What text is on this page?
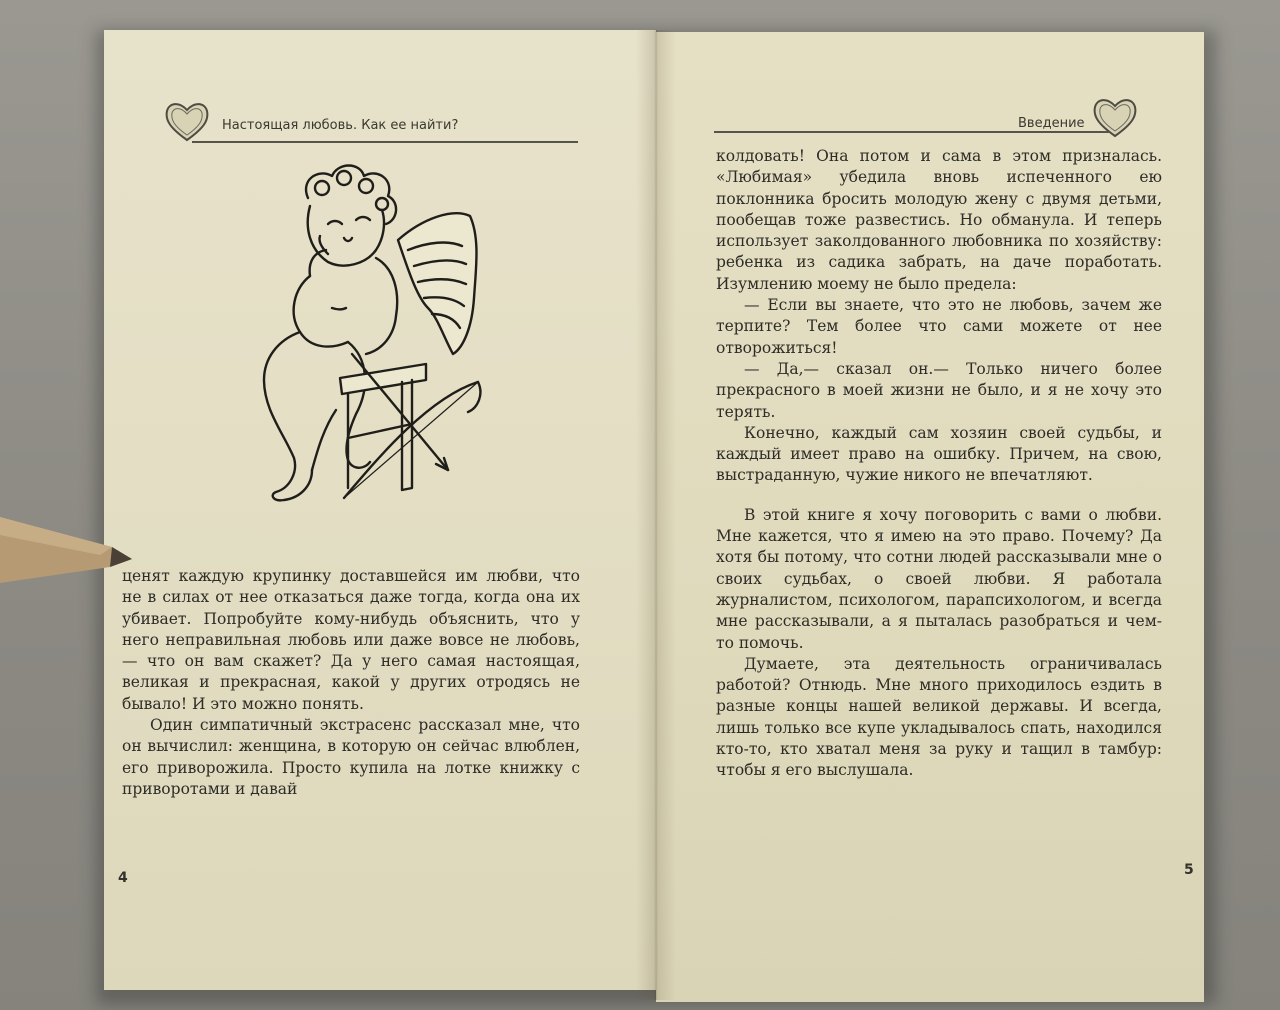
Настоящая любовь. Как ее найти?

ценят каждую крупинку доставшейся им любви, что не в силах от нее отказаться даже тогда, когда она их убивает. Попробуйте кому-нибудь объяснить, что у него неправильная любовь или даже вовсе не любовь, — что он вам скажет? Да у него самая настоящая, великая и прекрасная, какой у других отродясь не бывало! И это можно понять.

Один симпатичный экстрасенс рассказал мне, что он вычислил: женщина, в которую он сейчас влюблен, его приворожила. Просто купила на лотке книжку с приворотами и давай

4
Введение

колдовать! Она потом и сама в этом призналась. «Любимая» убедила вновь испеченного ею поклонника бросить молодую жену с двумя детьми, пообещав тоже развестись. Но обманула. И теперь использует заколдованного любовника по хозяйству: ребенка из садика забрать, на даче поработать. Изумлению моему не было предела:

— Если вы знаете, что это не любовь, зачем же терпите? Тем более что сами можете от нее отворожиться!

— Да,— сказал он.— Только ничего более прекрасного в моей жизни не было, и я не хочу это терять.

Конечно, каждый сам хозяин своей судьбы, и каждый имеет право на ошибку. Причем, на свою, выстраданную, чужие никого не впечатляют.

В этой книге я хочу поговорить с вами о любви. Мне кажется, что я имею на это право. Почему? Да хотя бы потому, что сотни людей рассказывали мне о своих судьбах, о своей любви. Я работала журналистом, психологом, парапсихологом, и всегда мне рассказывали, а я пыталась разобраться и чем-то помочь.

Думаете, эта деятельность ограничивалась работой? Отнюдь. Мне много приходилось ездить в разные концы нашей великой державы. И всегда, лишь только все купе укладывалось спать, находился кто-то, кто хватал меня за руку и тащил в тамбур: чтобы я его выслушала.

5
